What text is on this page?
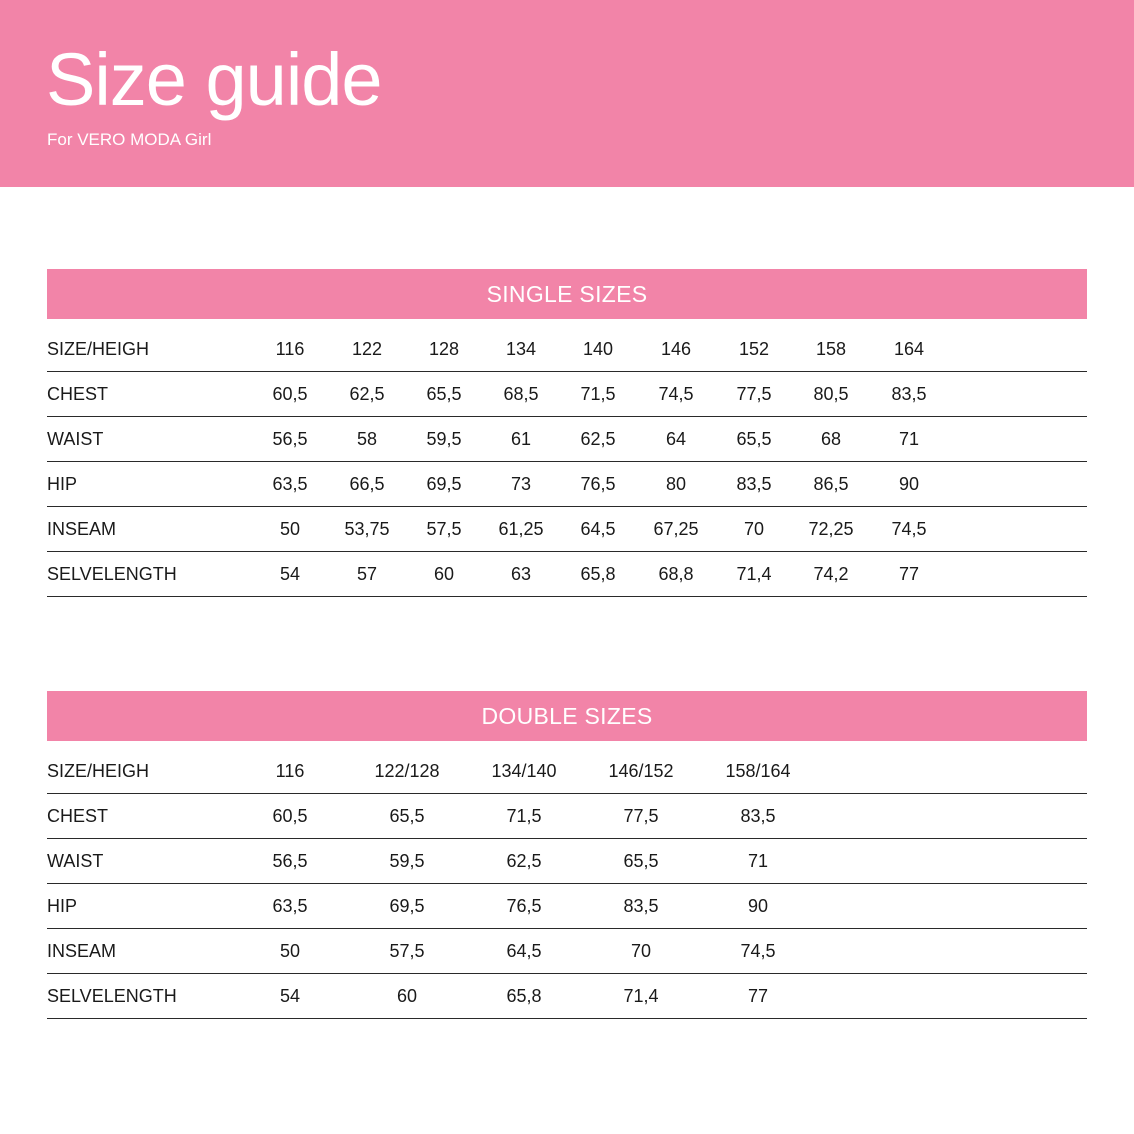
Size guide
For VERO MODA Girl
SINGLE SIZES
SIZE/HEIGH	116	122	128	134	140	146	152	158	164
CHEST	60,5	62,5	65,5	68,5	71,5	74,5	77,5	80,5	83,5
WAIST	56,5	58	59,5	61	62,5	64	65,5	68	71
HIP	63,5	66,5	69,5	73	76,5	80	83,5	86,5	90
INSEAM	50	53,75	57,5	61,25	64,5	67,25	70	72,25	74,5
SELVELENGTH	54	57	60	63	65,8	68,8	71,4	74,2	77
DOUBLE SIZES
SIZE/HEIGH	116	122/128	134/140	146/152	158/164
CHEST	60,5	65,5	71,5	77,5	83,5
WAIST	56,5	59,5	62,5	65,5	71
HIP	63,5	69,5	76,5	83,5	90
INSEAM	50	57,5	64,5	70	74,5
SELVELENGTH	54	60	65,8	71,4	77
